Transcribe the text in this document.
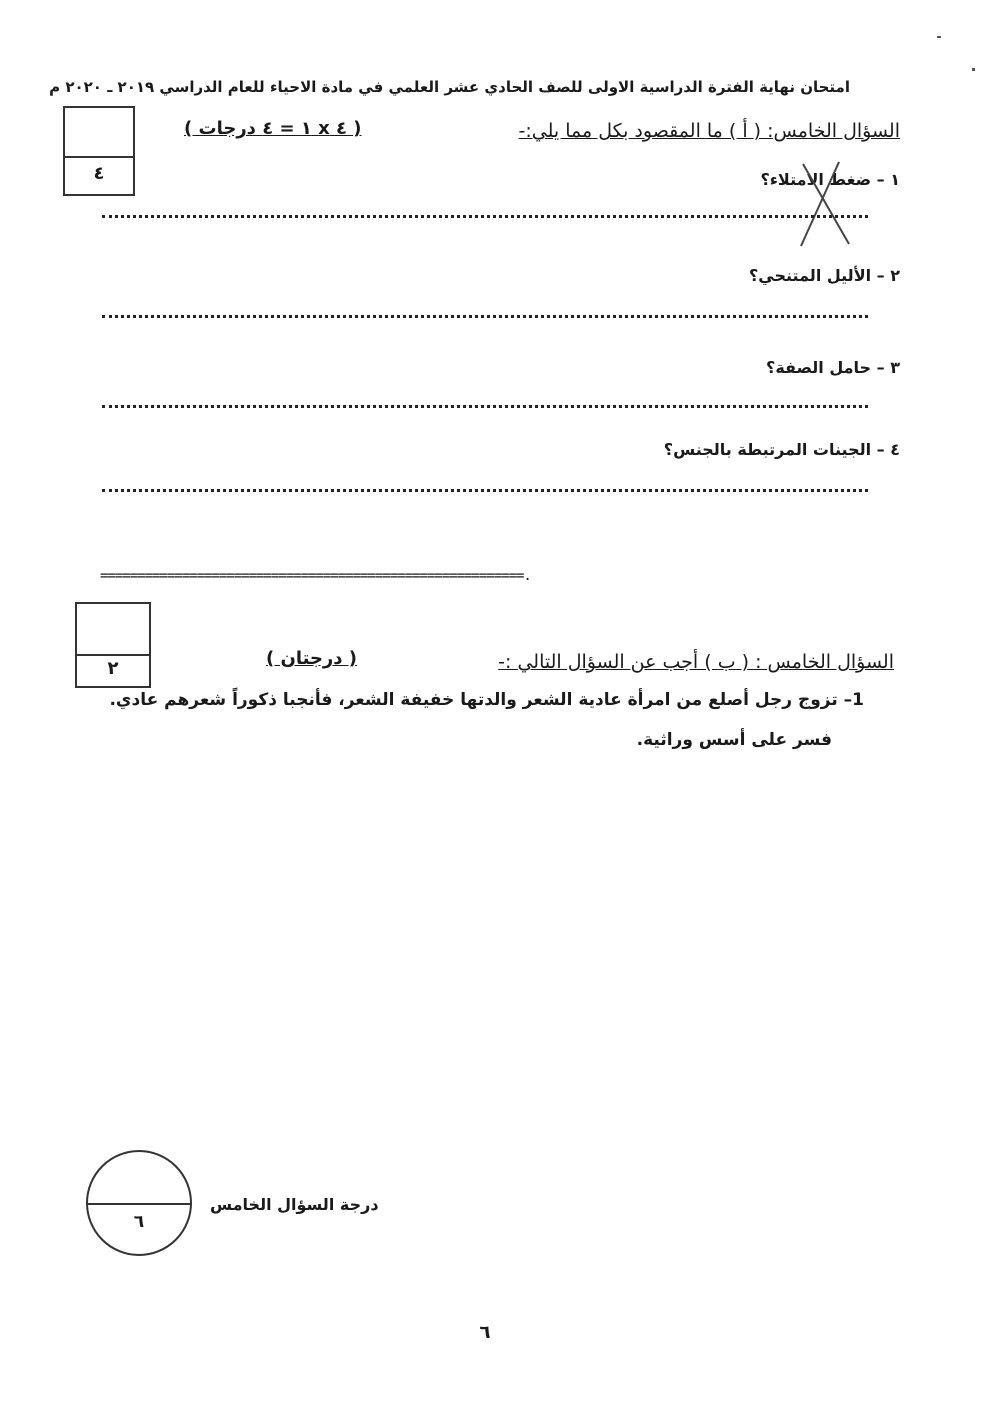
امتحان نهاية الفترة الدراسية الاولى للصف الحادي عشر العلمي في مادة الاحياء للعام الدراسي ٢٠١٩ ـ ٢٠٢٠ م
٤
السؤال الخامس: ( أ ) ما المقصود بكل مما يلي:-
( ٤ x ١ = ٤ درجات )
١ – ضغط الامتلاء؟
٢ – الأليل المتنحي؟
٣ – حامل الصفة؟
٤ – الجينات المرتبطة بالجنس؟
=========================================================.
٢	السؤال الخامس : ( ب ) أجب عن السؤال التالي :-
( درجتان )
1– تزوج رجل أصلع من امرأة عادية الشعر والدتها خفيفة الشعر، فأنجبا ذكوراً شعرهم عادي.
فسر على أسس وراثية.
٦
درجة السؤال الخامس
٦
